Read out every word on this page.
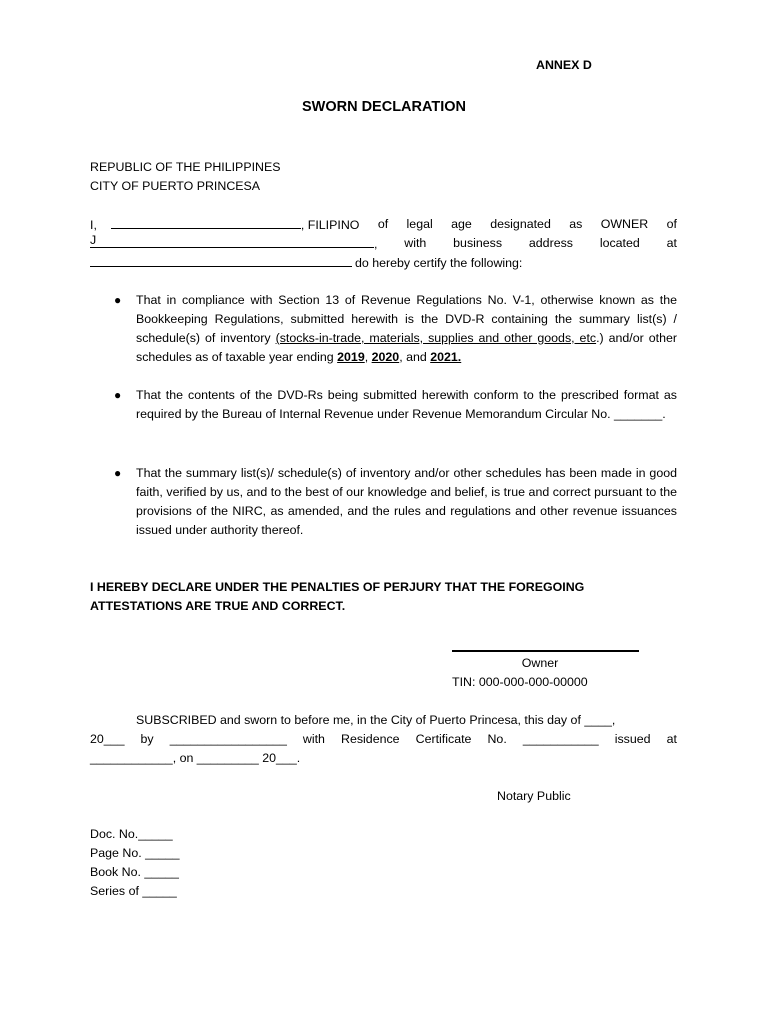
ANNEX D
SWORN DECLARATION
REPUBLIC OF THE PHILIPPINES
CITY OF PUERTO PRINCESA
I,	, FILIPINO of legal age designated as OWNER of
J	, with business address located at
do hereby certify the following:
● That in compliance with Section 13 of Revenue Regulations No. V-1, otherwise known as the Bookkeeping Regulations, submitted herewith is the DVD-R containing the summary list(s) / schedule(s) of inventory (stocks-in-trade, materials, supplies and other goods, etc.) and/or other schedules as of taxable year ending 2019, 2020, and 2021.
● That the contents of the DVD-Rs being submitted herewith conform to the prescribed format as required by the Bureau of Internal Revenue under Revenue Memorandum Circular No. _______.
● That the summary list(s)/ schedule(s) of inventory and/or other schedules has been made in good faith, verified by us, and to the best of our knowledge and belief, is true and correct pursuant to the provisions of the NIRC, as amended, and the rules and regulations and other revenue issuances issued under authority thereof.
I HEREBY DECLARE UNDER THE PENALTIES OF PERJURY THAT THE FOREGOING ATTESTATIONS ARE TRUE AND CORRECT.
Owner
TIN: 000-000-000-00000
SUBSCRIBED and sworn to before me, in the City of Puerto Princesa, this day of ____,
20___ by _________________ with Residence Certificate No. ___________ issued at
____________, on _________ 20___.
Notary Public
Doc. No._____
Page No. _____
Book No. _____
Series of _____
